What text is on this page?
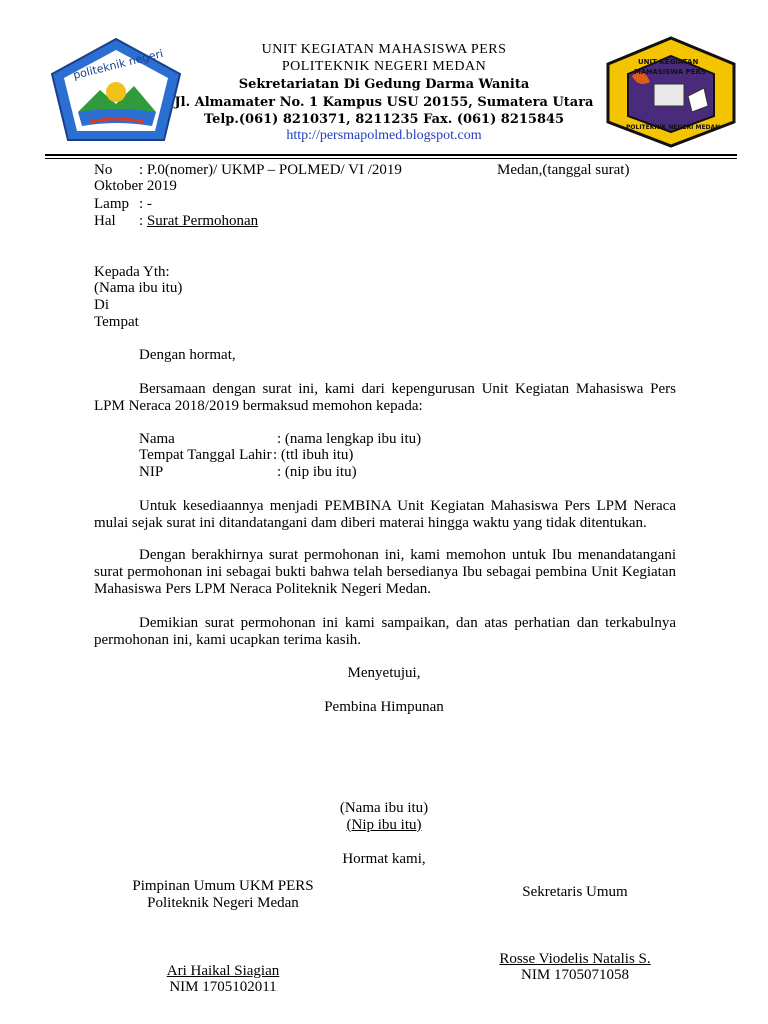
politeknik negeri
MEDAN
UNIT KEGIATAN
MAHASISWA PERS
POLITEKNIK NEGERI MEDAN
UNIT KEGIATAN MAHASISWA PERS
POLITEKNIK NEGERI MEDAN
Sekretariatan Di Gedung Darma Wanita
Jl. Almamater No. 1 Kampus USU 20155, Sumatera Utara
Telp.(061) 8210371, 8211235 Fax. (061) 8215845
http://persmapolmed.blogspot.com
No : P.0(nomer)/ UKMP – POLMED/ VI /2019	Medan,(tanggal surat)
Oktober 2019
Lamp : -
Hal : Surat Permohonan
Kepada Yth:
(Nama ibu itu)
Di
Tempat
Dengan hormat,
Bersamaan dengan surat ini, kami dari kepengurusan Unit Kegiatan Mahasiswa Pers LPM Neraca 2018/2019 bermaksud memohon kepada:
Nama	: (nama lengkap ibu itu)
Tempat Tanggal Lahir : (ttl ibuh itu)
NIP	: (nip ibu itu)
Untuk kesediaannya menjadi PEMBINA Unit Kegiatan Mahasiswa Pers LPM Neraca mulai sejak surat ini ditandatangani dam diberi materai hingga waktu yang tidak ditentukan.
Dengan berakhirnya surat permohonan ini, kami memohon untuk Ibu menandatangani surat permohonan ini sebagai bukti bahwa telah bersedianya Ibu sebagai pembina Unit Kegiatan Mahasiswa Pers LPM Neraca Politeknik Negeri Medan.
Demikian surat permohonan ini kami sampaikan, dan atas perhatian dan terkabulnya permohonan ini, kami ucapkan terima kasih.
Menyetujui,
Pembina Himpunan
(Nama ibu itu)
(Nip ibu itu)
Hormat kami,
Pimpinan Umum UKM PERS
Politeknik Negeri Medan
Ari Haikal Siagian
NIM 1705102011
Sekretaris Umum
Rosse Viodelis Natalis S.
NIM 1705071058
